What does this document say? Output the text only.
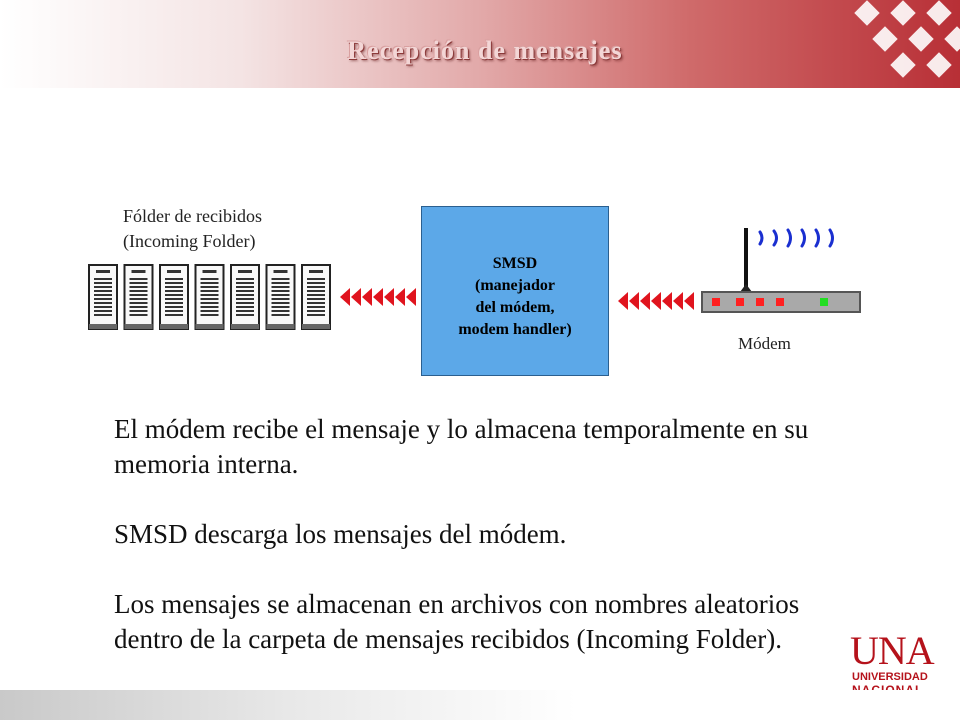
Recepción de mensajes
Fólder de recibidos
(Incoming Folder)
SMSD
(manejador
del módem,
modem handler)
Módem

El módem recibe el mensaje y lo almacena temporalmente en su memoria interna.

SMSD descarga los mensajes del módem.

Los mensajes se almacenan en archivos con nombres aleatorios dentro de la carpeta de mensajes recibidos (Incoming Folder).	UNA
UNIVERSIDAD
